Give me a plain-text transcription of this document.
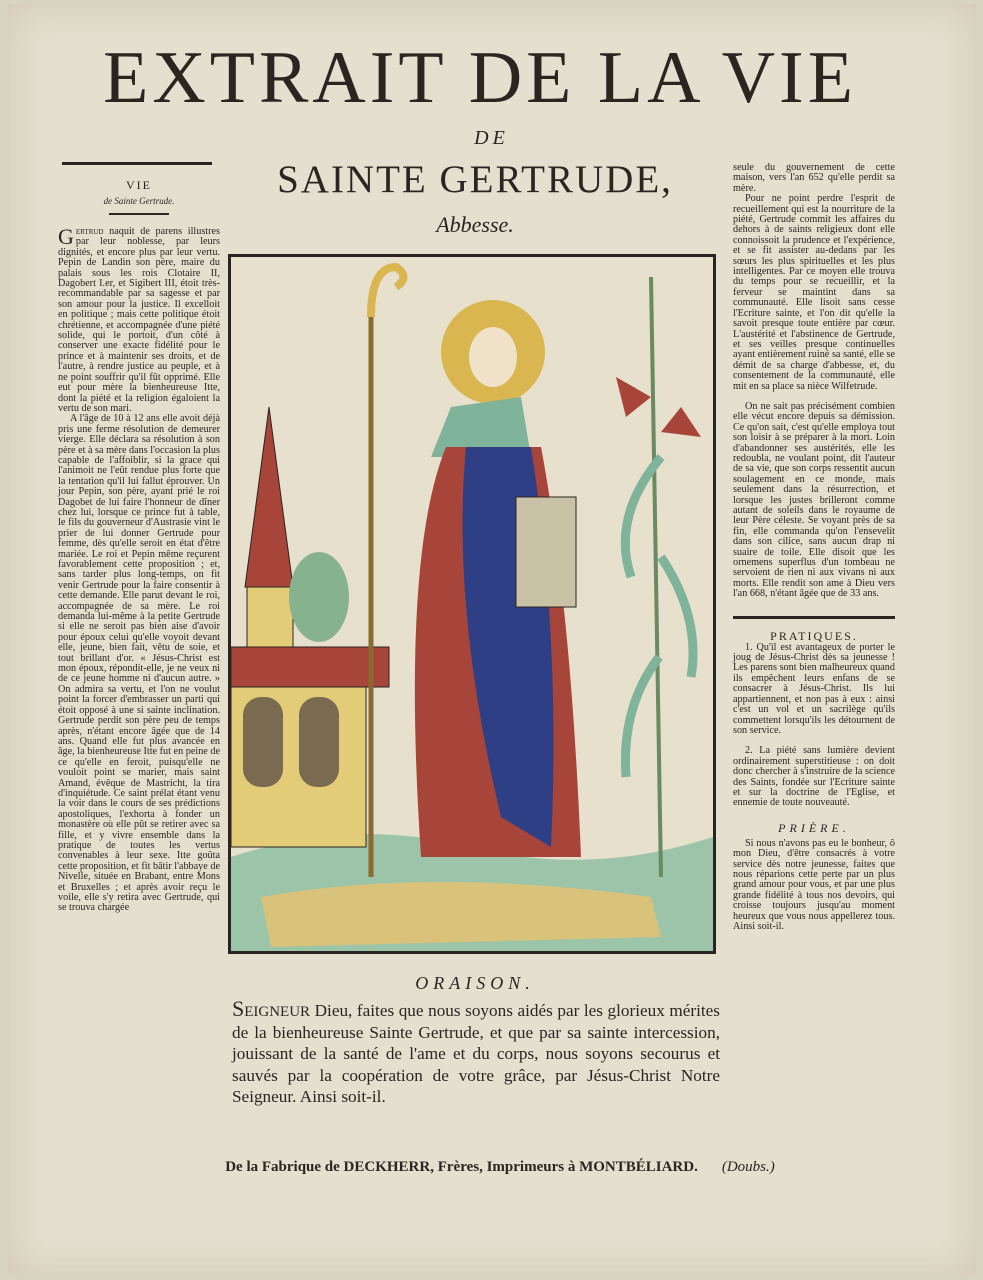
EXTRAIT DE LA VIE
DE
SAINTE GERTRUDE,
Abbesse.
VIE
de Sainte Gertrude.

Gertrud naquit de parens illustres par leur noblesse, par leurs dignités, et encore plus par leur vertu. Pepin de Landin son père, maire du palais sous les rois Clotaire II, Dagobert I.er, et Sigibert III, étoit très-recommandable par sa sagesse et par son amour pour la justice. Il excelloit en politique ; mais cette politique étoit chrétienne, et accompagnée d'une piété solide, qui le portoit, d'un côté à conserver une exacte fidélité pour le prince et à maintenir ses droits, et de l'autre, à rendre justice au peuple, et à ne point souffrir qu'il fût opprimé. Elle eut pour mère la bienheureuse Itte, dont la piété et la religion égaloient la vertu de son mari.

A l'âge de 10 à 12 ans elle avoit déjà pris une ferme résolution de demeurer vierge. Elle déclara sa résolution à son père et à sa mère dans l'occasion la plus capable de l'affoiblir, si la grace qui l'animoit ne l'eût rendue plus forte que la tentation qu'il lui fallut éprouver. Un jour Pepin, son père, ayant prié le roi Dagobet de lui faire l'honneur de dîner chez lui, lorsque ce prince fut à table, le fils du gouverneur d'Austrasie vint le prier de lui donner Gertrude pour femme, dès qu'elle seroit en état d'être mariée. Le roi et Pepin même reçurent favorablement cette proposition ; et, sans tarder plus long-temps, on fit venir Gertrude pour la faire consentir à cette demande. Elle parut devant le roi, accompagnée de sa mère. Le roi demanda lui-même à la petite Gertrude si elle ne seroit pas bien aise d'avoir pour époux celui qu'elle voyoit devant elle, jeune, bien fait, vêtu de soie, et tout brillant d'or. « Jésus-Christ est mon époux, répondit-elle, je ne veux ni de ce jeune homme ni d'aucun autre. » On admira sa vertu, et l'on ne voulut point la forcer d'embrasser un parti qui étoit opposé à une si sainte inclination. Gertrude perdit son père peu de temps après, n'étant encore âgée que de 14 ans. Quand elle fut plus avancée en âge, la bienheureuse Itte fut en peine de ce qu'elle en feroit, puisqu'elle ne vouloit point se marier, mais saint Amand, évêque de Mastricht, la tira d'inquiétude. Ce saint prélat étant venu la voir dans le cours de ses prédictions apostoliques, l'exhorta à fonder un monastère où elle pût se retirer avec sa fille, et y vivre ensemble dans la pratique de toutes les vertus convenables à leur sexe. Itte goûta cette proposition, et fit bâtir l'abbaye de Nivelle, située en Brabant, entre Mons et Bruxelles ; et après avoir reçu le voile, elle s'y retira avec Gertrude, qui se trouva chargée

seule du gouvernement de cette maison, vers l'an 652 qu'elle perdit sa mère.

Pour ne point perdre l'esprit de recueillement qui est la nourriture de la piété, Gertrude commit les affaires du dehors à de saints religieux dont elle connoissoit la prudence et l'expérience, et se fit assister au-dedans par les sœurs les plus spirituelles et les plus intelligentes. Par ce moyen elle trouva du temps pour se recueillir, et la ferveur se maintint dans sa communauté. Elle lisoit sans cesse l'Ecriture sainte, et l'on dit qu'elle la savoit presque toute entière par cœur. L'austérité et l'abstinence de Gertrude, et ses veilles presque continuelles ayant entièrement ruiné sa santé, elle se démit de sa charge d'abbesse, et, du consentement de la communauté, elle mit en sa place sa nièce Wilfetrude.

On ne sait pas précisément combien elle vécut encore depuis sa démission. Ce qu'on sait, c'est qu'elle employa tout son loisir à se préparer à la mort. Loin d'abandonner ses austérités, elle les redoubla, ne voulant point, dit l'auteur de sa vie, que son corps ressentit aucun soulagement en ce monde, mais seulement dans la résurrection, et lorsque les justes brilleront comme autant de soleils dans le royaume de leur Père céleste. Se voyant près de sa fin, elle commanda qu'on l'ensevelit dans son cilice, sans aucun drap ni suaire de toile. Elle disoit que les ornemens superflus d'un tombeau ne servoient de rien ni aux vivans ni aux morts. Elle rendit son ame à Dieu vers l'an 668, n'étant âgée que de 33 ans.

PRATIQUES.

1. Qu'il est avantageux de porter le joug de Jésus-Christ dès sa jeunesse ! Les parens sont bien malheureux quand ils empêchent leurs enfans de se consacrer à Jésus-Christ. Ils lui appartiennent, et non pas à eux : ainsi c'est un vol et un sacrilège qu'ils commettent lorsqu'ils les détournent de son service.

2. La piété sans lumière devient ordinairement superstitieuse : on doit donc chercher à s'instruire de la science des Saints, fondée sur l'Ecriture sainte et sur la doctrine de l'Eglise, et ennemie de toute nouveauté.

PRIÈRE.

Si nous n'avons pas eu le bonheur, ô mon Dieu, d'être consacrés à votre service dès notre jeunesse, faites que nous réparions cette perte par un plus grand amour pour vous, et par une plus grande fidélité à tous nos devoirs, qui croisse toujours jusqu'au moment heureux que vous nous appellerez tous. Ainsi soit-il.

ORAISON.
Seigneur Dieu, faites que nous soyons aidés par les glorieux mérites de la bienheureuse Sainte Gertrude, et que par sa sainte intercession, jouissant de la santé de l'ame et du corps, nous soyons secourus et sauvés par la coopération de votre grâce, par Jésus-Christ Notre Seigneur. Ainsi soit-il.
De la Fabrique de DECKHERR, Frères, Imprimeurs à MONTBÉLIARD. (Doubs.)
